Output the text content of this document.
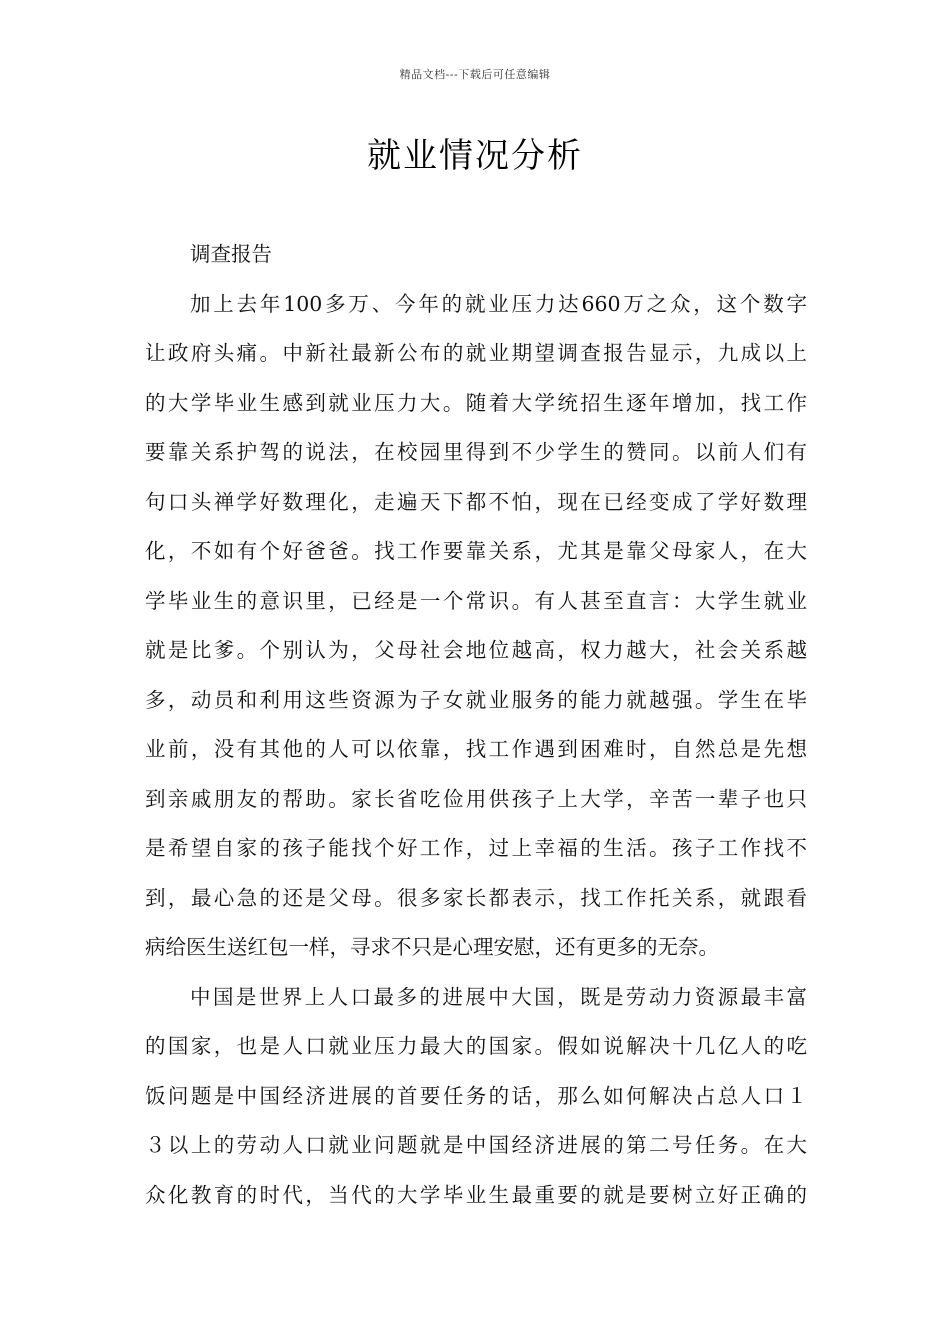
精品文档---下载后可任意编辑
就业情况分析
调查报告
加上去年100多万、今年的就业压力达660万之众，这个数字
让政府头痛。中新社最新公布的就业期望调查报告显示，九成以上
的大学毕业生感到就业压力大。随着大学统招生逐年增加，找工作
要靠关系护驾的说法，在校园里得到不少学生的赞同。以前人们有
句口头禅学好数理化，走遍天下都不怕，现在已经变成了学好数理
化，不如有个好爸爸。找工作要靠关系，尤其是靠父母家人，在大
学毕业生的意识里，已经是一个常识。有人甚至直言：大学生就业
就是比爹。个别认为，父母社会地位越高，权力越大，社会关系越
多，动员和利用这些资源为子女就业服务的能力就越强。学生在毕
业前，没有其他的人可以依靠，找工作遇到困难时，自然总是先想
到亲戚朋友的帮助。家长省吃俭用供孩子上大学，辛苦一辈子也只
是希望自家的孩子能找个好工作，过上幸福的生活。孩子工作找不
到，最心急的还是父母。很多家长都表示，找工作托关系，就跟看
病给医生送红包一样，寻求不只是心理安慰，还有更多的无奈。
中国是世界上人口最多的进展中大国，既是劳动力资源最丰富
的国家，也是人口就业压力最大的国家。假如说解决十几亿人的吃
饭问题是中国经济进展的首要任务的话，那么如何解决占总人口１
３以上的劳动人口就业问题就是中国经济进展的第二号任务。在大
众化教育的时代，当代的大学毕业生最重要的就是要树立好正确的
